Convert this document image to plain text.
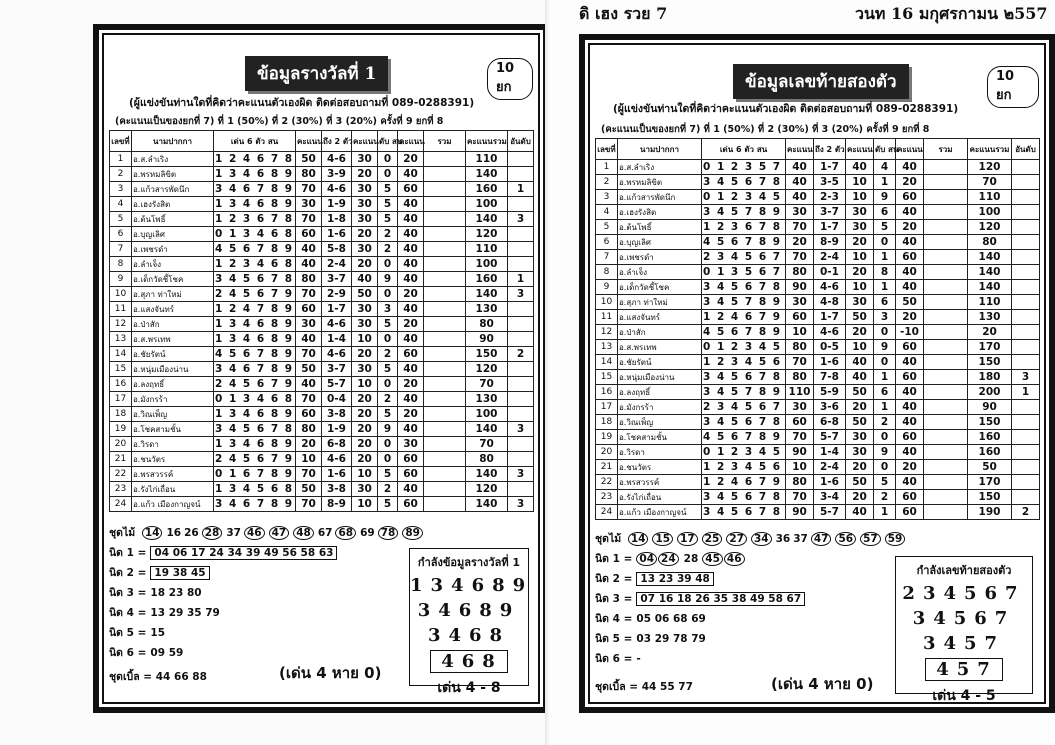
ข้อมูลรางวัลที่ 1	10 ยก
(ผู้แข่งขันท่านใดที่คิดว่าคะแนนตัวเองผิด ติดต่อสอบถามที่ 089-0288391)
(คะแนนเป็นของยกที่ 7) ที่ 1 (50%) ที่ 2 (30%) ที่ 3 (20%) ครั้งที่ 9 ยกที่ 8
เลขที่	นามปากกา	เด่น 6 ตัว สน	คะแนน	ถึง 2 ตัว	คะแนน	ดับ สน	คะแนน	รวม	คะแนนรวม	อันดับ
1	อ.ส.ลำเริง	1 2 4 6 7 8	50	4-6	30	0	20		110	
2	อ.พรหมลิขิต	1 3 4 6 8 9	80	3-9	20	0	40		140	
3	อ.แก้วสารพัดนึก	3 4 6 7 8 9	70	4-6	30	5	60		160	1
4	อ.เฮงรังสิต	1 3 4 6 8 9	30	1-9	30	5	40		100	
5	อ.ต้นโพธิ์	1 2 3 6 7 8	70	1-8	30	5	40		140	3
6	อ.บุญเลิศ	0 1 3 4 6 8	60	1-6	20	2	40		120	
7	อ.เพชรดำ	4 5 6 7 8 9	40	5-8	30	2	40		110	
8	อ.ลำเจ็ง	1 2 3 4 6 8	40	2-4	20	0	40		100	
9	อ.เด็กวัดชี้โชค	3 4 5 6 7 8	80	3-7	40	9	40		160	1
10	อ.สุภา ท่าใหม่	2 4 5 6 7 9	70	2-9	50	0	20		140	3
11	อ.แสงจันทร์	1 2 4 7 8 9	60	1-7	30	3	40		130	
12	อ.ป่าสัก	1 3 4 6 8 9	30	4-6	30	5	20		80	
13	อ.ส.พรเทพ	1 3 4 6 8 9	40	1-4	10	0	40		90	
14	อ.ชัยรัตน์	4 5 6 7 8 9	70	4-6	20	2	60		150	2
15	อ.หนุ่มเมืองน่าน	3 4 6 7 8 9	50	3-7	30	5	40		120	
16	อ.ลงฤทธิ์	2 4 5 6 7 9	40	5-7	10	0	20		70	
17	อ.มังกรร้า	0 1 3 4 6 8	70	0-4	20	2	40		130	
18	อ.วิณเพ็ญ	1 3 4 6 8 9	60	3-8	20	5	20		100	
19	อ.โชคสามชั้น	3 4 5 6 7 8	80	1-9	20	9	40		140	3
20	อ.วิรดา	1 3 4 6 8 9	20	6-8	20	0	30		70	
21	อ.ชนวัตร	2 4 5 6 7 9	10	4-6	20	0	60		80	
22	อ.พรสวรรค์	0 1 6 7 8 9	70	1-6	10	5	60		140	3
23	อ.รังไก่เถื่อน	1 3 4 5 6 8	50	3-8	30	2	40		120	
24	อ.แก้ว เมืองกาญจน์	3 4 6 7 8 9	70	8-9	10	5	60		140	3
ชุดไม้ 14 16 26 28 37 46 47 48 67 68 69 78 89
นิด 1 = 04 06 17 24 34 39 49 56 58 63
นิด 2 = 19 38 45
นิด 3 = 18 23 80
นิด 4 = 13 29 35 79
นิด 5 = 15
นิด 6 = 09 59
ชุดเบิ้ล = 44 66 88	(เด่น 4 หาย 0)
กำลังข้อมูลรางวัลที่ 1
134689
34689
3468
468
เด่น 4 - 8
ดิ เฮง รวย 7	วนท 16 มกุศรกามน ๒557
ข้อมูลเลขท้ายสองตัว	10 ยก
(ผู้แข่งขันท่านใดที่คิดว่าคะแนนตัวเองผิด ติดต่อสอบถามที่ 089-0288391)
(คะแนนเป็นของยกที่ 7) ที่ 1 (50%) ที่ 2 (30%) ที่ 3 (20%) ครั้งที่ 9 ยกที่ 8
เลขที่	นามปากกา	เด่น 6 ตัว สน	คะแนน	ถึง 2 ตัว	คะแนน	ดับ สน	คะแนน	รวม	คะแนนรวม	อันดับ
1	อ.ส.ลำเริง	0 1 2 3 5 7	40	1-7	40	4	40		120	
2	อ.พรหมลิขิต	3 4 5 6 7 8	40	3-5	10	1	20		70	
3	อ.แก้วสารพัดนึก	0 1 2 3 4 5	40	2-3	10	9	60		110	
4	อ.เฮงรังสิต	3 4 5 7 8 9	30	3-7	30	6	40		100	
5	อ.ต้นโพธิ์	1 2 3 6 7 8	70	1-7	30	5	20		120	
6	อ.บุญเลิศ	4 5 6 7 8 9	20	8-9	20	0	40		80	
7	อ.เพชรดำ	2 3 4 5 6 7	70	2-4	10	1	60		140	
8	อ.ลำเจ็ง	0 1 3 5 6 7	80	0-1	20	8	40		140	
9	อ.เด็กวัดชี้โชค	3 4 5 6 7 8	90	4-6	10	1	40		140	
10	อ.สุภา ท่าใหม่	3 4 5 7 8 9	30	4-8	30	6	50		110	
11	อ.แสงจันทร์	1 2 4 6 7 9	60	1-7	50	3	20		130	
12	อ.ป่าสัก	4 5 6 7 8 9	10	4-6	20	0	-10		20	
13	อ.ส.พรเทพ	0 1 2 3 4 5	80	0-5	10	9	60		170	
14	อ.ชัยรัตน์	1 2 3 4 5 6	70	1-6	40	0	40		150	
15	อ.หนุ่มเมืองน่าน	3 4 5 6 7 8	80	7-8	40	1	60		180	3
16	อ.ลงฤทธิ์	3 4 5 7 8 9	110	5-9	50	6	40		200	1
17	อ.มังกรร้า	2 3 4 5 6 7	30	3-6	20	1	40		90	
18	อ.วิณเพ็ญ	3 4 5 6 7 8	60	6-8	50	2	40		150	
19	อ.โชคสามชั้น	4 5 6 7 8 9	70	5-7	30	0	60		160	
20	อ.วิรดา	0 1 2 3 4 5	90	1-4	30	9	40		160	
21	อ.ชนวัตร	1 2 3 4 5 6	10	2-4	20	0	20		50	
22	อ.พรสวรรค์	1 2 4 6 7 9	80	1-6	50	5	40		170	
23	อ.รังไก่เถื่อน	3 4 5 6 7 8	70	3-4	20	2	60		150	
24	อ.แก้ว เมืองกาญจน์	3 4 5 6 7 8	90	5-7	40	1	60		190	2
ชุดไม้ 14 15 17 25 27 34 36 37 47 56 57 59
นิด 1 = 04 24 28 45 46
นิด 2 = 13 23 39 48
นิด 3 = 07 16 18 26 35 38 49 58 67
นิด 4 = 05 06 68 69
นิด 5 = 03 29 78 79
นิด 6 = -
ชุดเบิ้ล = 44 55 77	(เด่น 4 หาย 0)
กำลังเลขท้ายสองตัว
234567
34567
3457
457
เด่น 4 - 5
